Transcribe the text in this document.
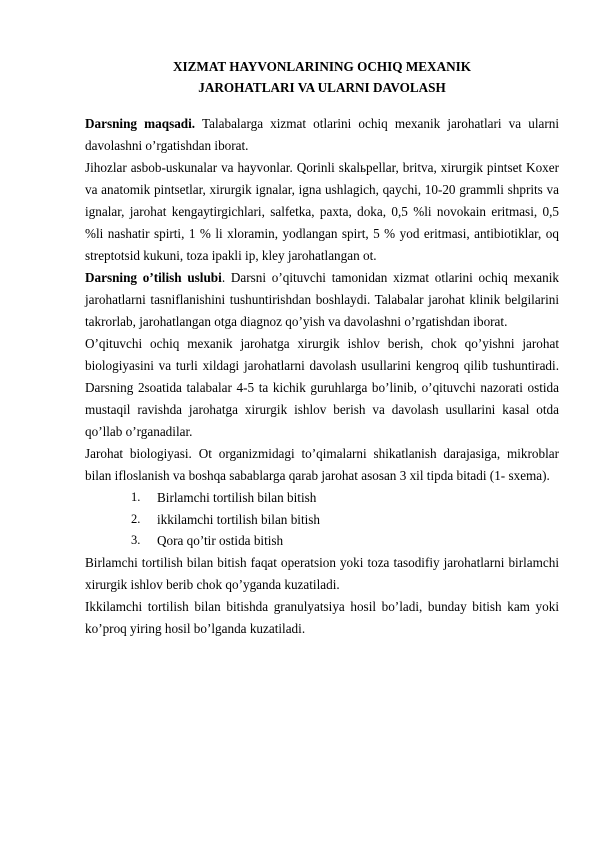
XIZMAT HAYVONLARINING OCHIQ MEXANIK
JAROHATLARI VA ULARNI DAVOLASH

Darsning maqsadi. Talabalarga xizmat otlarini ochiq mexanik jarohatlari va ularni davolashni o’rgatishdan iborat.

Jihozlar asbob-uskunalar va hayvonlar. Qorinli skalьpellar, britva, xirurgik pintset Koxer va anatomik pintsetlar, xirurgik ignalar, igna ushlagich, qaychi, 10-20 grammli shprits va ignalar, jarohat kengaytirgichlari, salfetka, paxta, doka, 0,5 %li novokain eritmasi, 0,5 %li nashatir spirti, 1 % li xloramin, yodlangan spirt, 5 % yod eritmasi, antibiotiklar, oq streptotsid kukuni, toza ipakli ip, kley jarohatlangan ot.

Darsning o’tilish uslubi. Darsni o’qituvchi tamonidan xizmat otlarini ochiq mexanik jarohatlarni tasniflanishini tushuntirishdan boshlaydi. Talabalar jarohat klinik belgilarini takrorlab, jarohatlangan otga diagnoz qo’yish va davolashni o’rgatishdan iborat.

O’qituvchi ochiq mexanik jarohatga xirurgik ishlov berish, chok qo’yishni jarohat biologiyasini va turli xildagi jarohatlarni davolash usullarini kengroq qilib tushuntiradi. Darsning 2soatida talabalar 4-5 ta kichik guruhlarga bo’linib, o’qituvchi nazorati ostida mustaqil ravishda jarohatga xirurgik ishlov berish va davolash usullarini kasal otda qo’llab o’rganadilar.

Jarohat biologiyasi. Ot organizmidagi to’qimalarni shikatlanish darajasiga, mikroblar bilan ifloslanish va boshqa sabablarga qarab jarohat asosan 3 xil tipda bitadi (1- sxema).

1. Birlamchi tortilish bilan bitish
2. ikkilamchi tortilish bilan bitish
3. Qora qo’tir ostida bitish

Birlamchi tortilish bilan bitish faqat operatsion yoki toza tasodifiy jarohatlarni birlamchi xirurgik ishlov berib chok qo’yganda kuzatiladi.

Ikkilamchi tortilish bilan bitishda granulyatsiya hosil bo’ladi, bunday bitish kam yoki ko’proq yiring hosil bo’lganda kuzatiladi.
